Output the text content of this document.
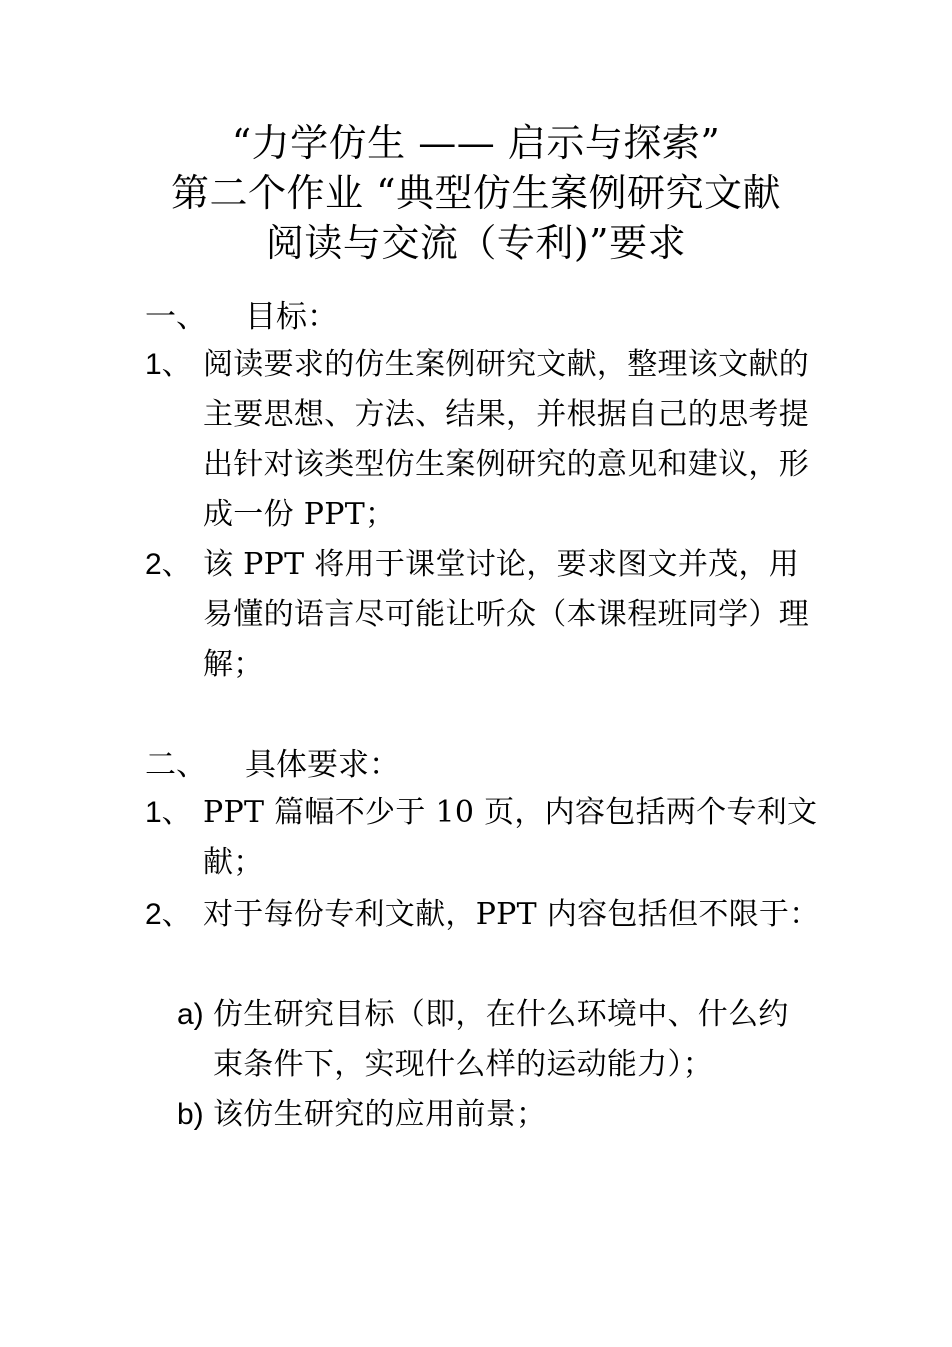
“力学仿生 —— 启示与探索”
第二个作业 “典型仿生案例研究文献
阅读与交流（专利)”要求
一、 目标：
1、 阅读要求的仿生案例研究文献，整理该文献的主要思想、方法、结果，并根据自己的思考提出针对该类型仿生案例研究的意见和建议，形成一份 PPT；
2、 该 PPT 将用于课堂讨论，要求图文并茂，用易懂的语言尽可能让听众（本课程班同学）理解；
二、 具体要求：
1、 PPT 篇幅不少于 10 页，内容包括两个专利文献；
2、 对于每份专利文献，PPT 内容包括但不限于：
a) 仿生研究目标（即，在什么环境中、什么约束条件下，实现什么样的运动能力）；
b) 该仿生研究的应用前景；
